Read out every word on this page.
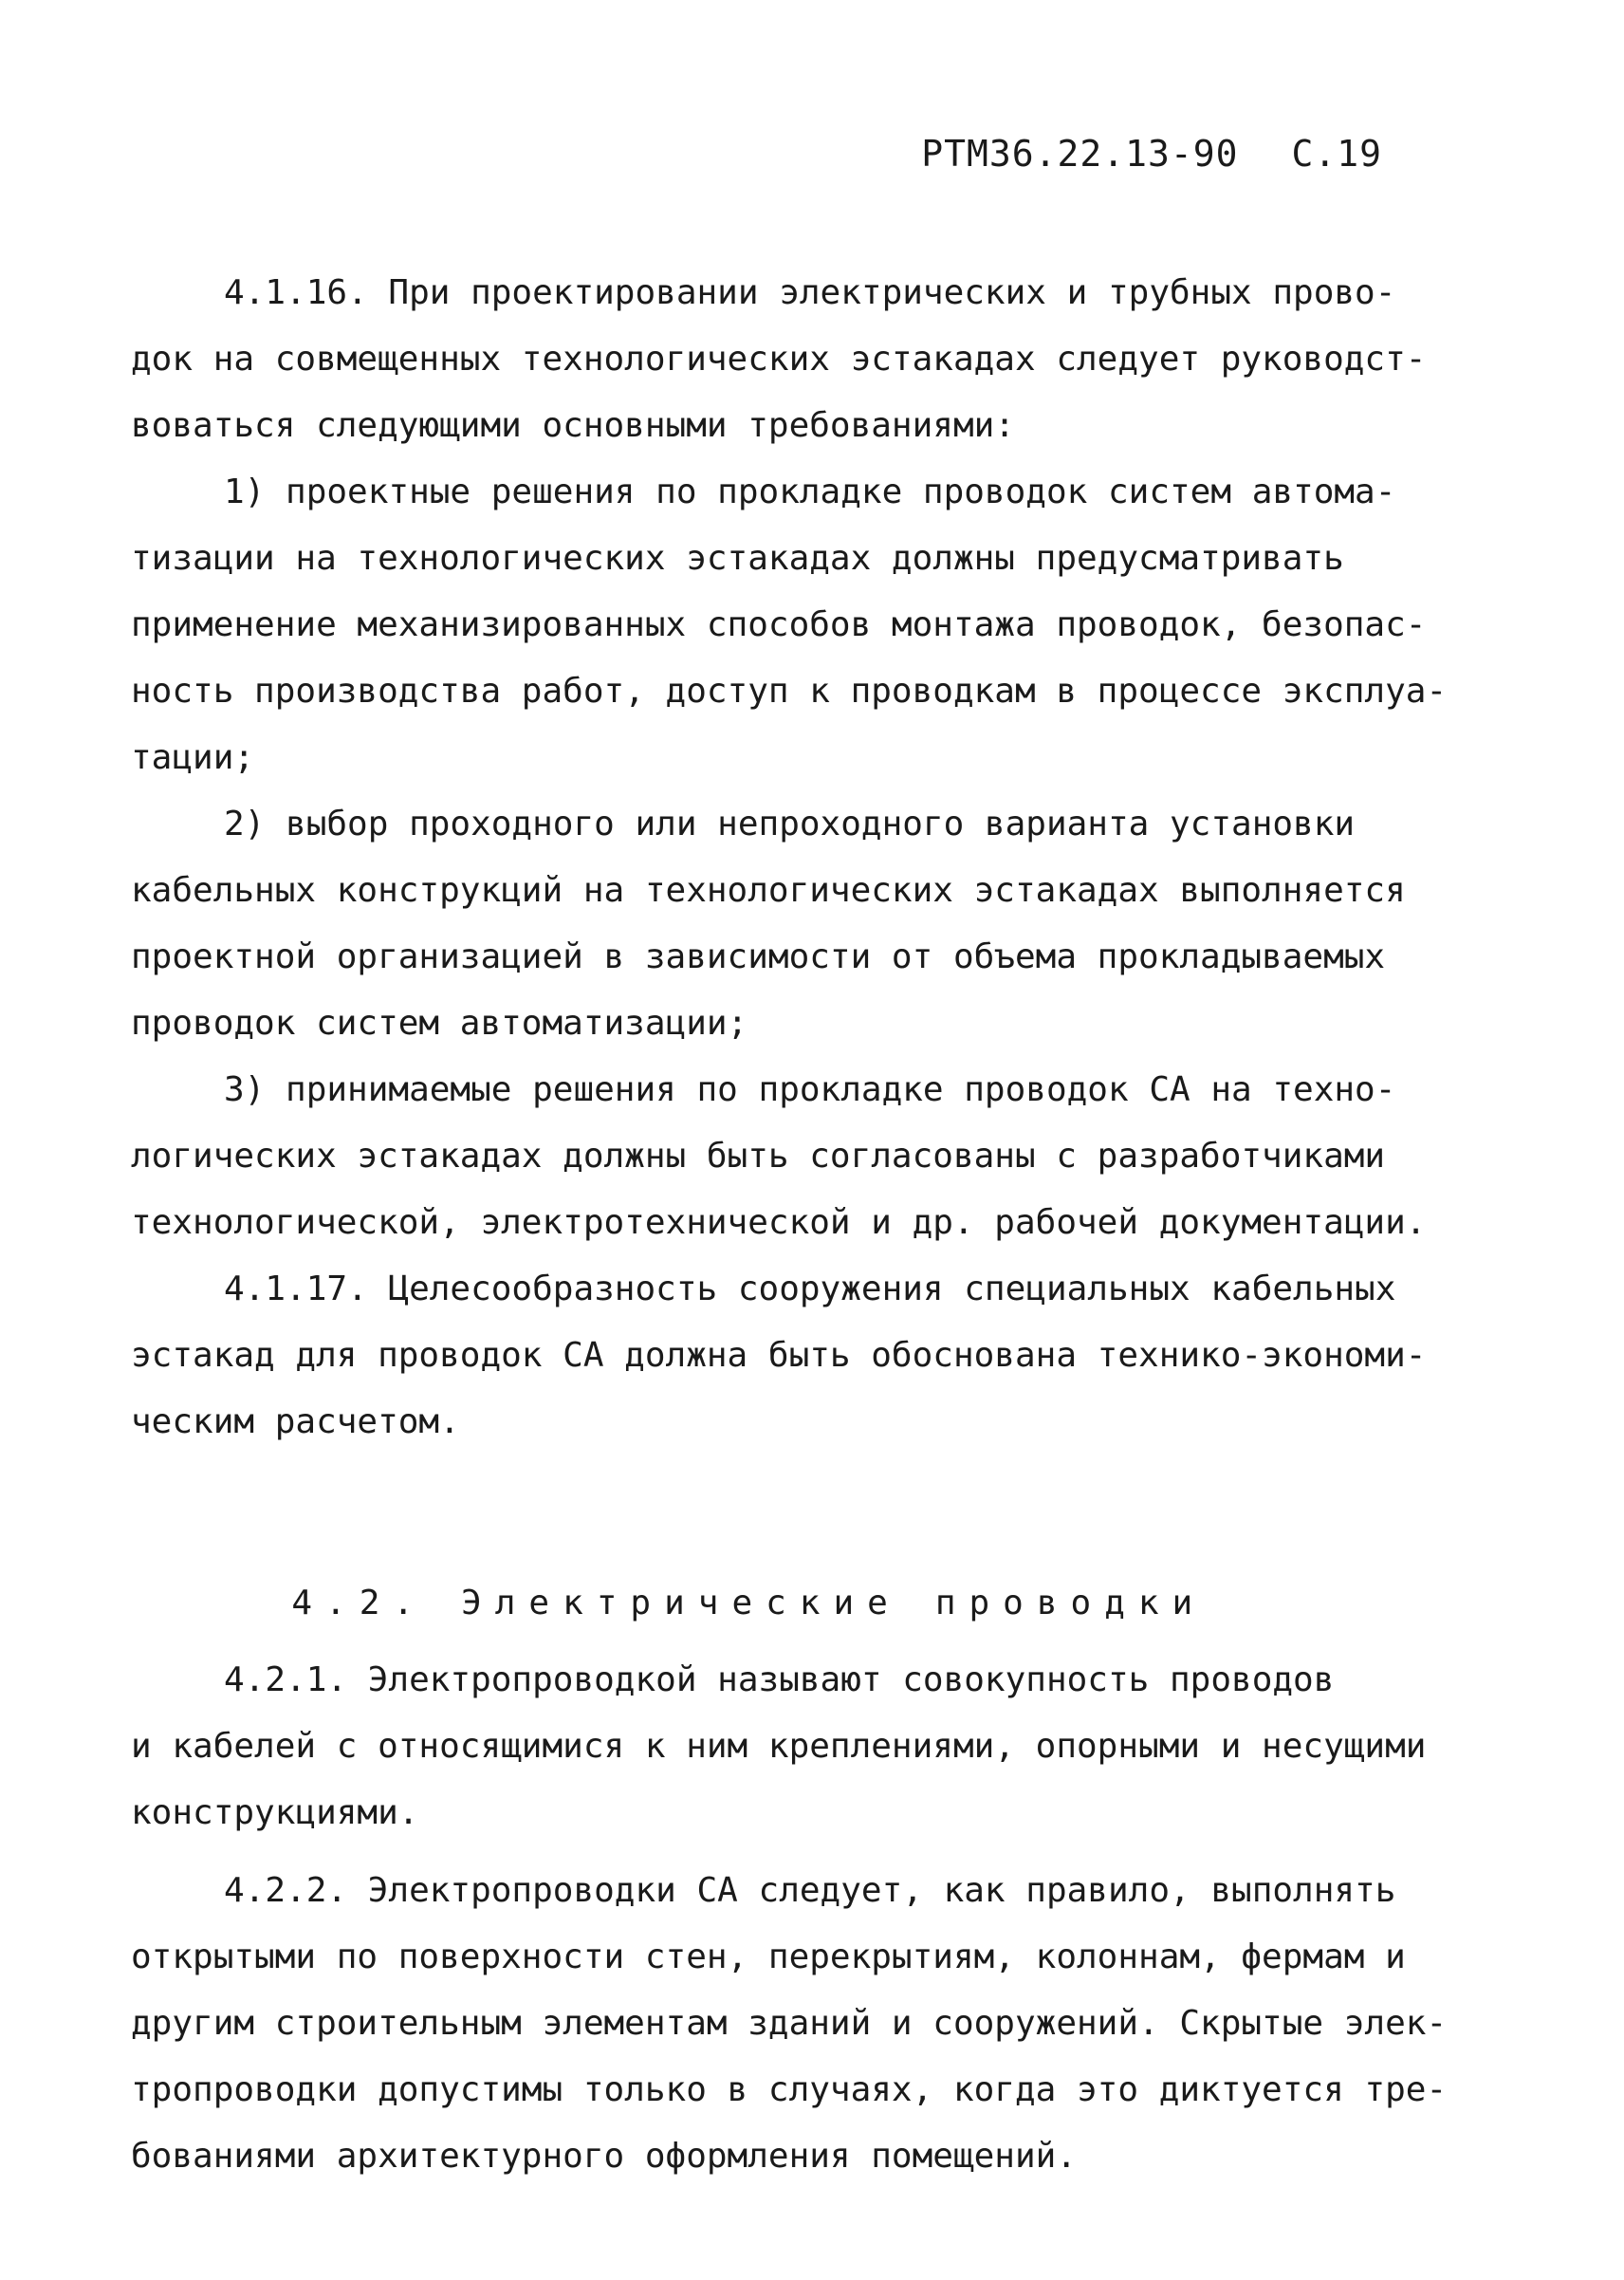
РТМ36.22.13-90 С.19
4.1.16. При проектировании электрических и трубных прово-
док на совмещенных технологических эстакадах следует руководст-
воваться следующими основными требованиями:
1) проектные решения по прокладке проводок систем автома-
тизации на технологических эстакадах должны предусматривать
применение механизированных способов монтажа проводок, безопас-
ность производства работ, доступ к проводкам в процессе эксплуа-
тации;
2) выбор проходного или непроходного варианта установки
кабельных конструкций на технологических эстакадах выполняется
проектной организацией в зависимости от объема прокладываемых
проводок систем автоматизации;
3) принимаемые решения по прокладке проводок СА на техно-
логических эстакадах должны быть согласованы с разработчиками
технологической, электротехнической и др. рабочей документации.
4.1.17. Целесообразность сооружения специальных кабельных
эстакад для проводок СА должна быть обоснована технико-экономи-
ческим расчетом.

4.2. Электрические проводки

4.2.1. Электропроводкой называют совокупность проводов
и кабелей с относящимися к ним креплениями, опорными и несущими
конструкциями.
4.2.2. Электропроводки СА следует, как правило, выполнять
открытыми по поверхности стен, перекрытиям, колоннам, фермам и
другим строительным элементам зданий и сооружений. Скрытые элек-
тропроводки допустимы только в случаях, когда это диктуется тре-
бованиями архитектурного оформления помещений.
